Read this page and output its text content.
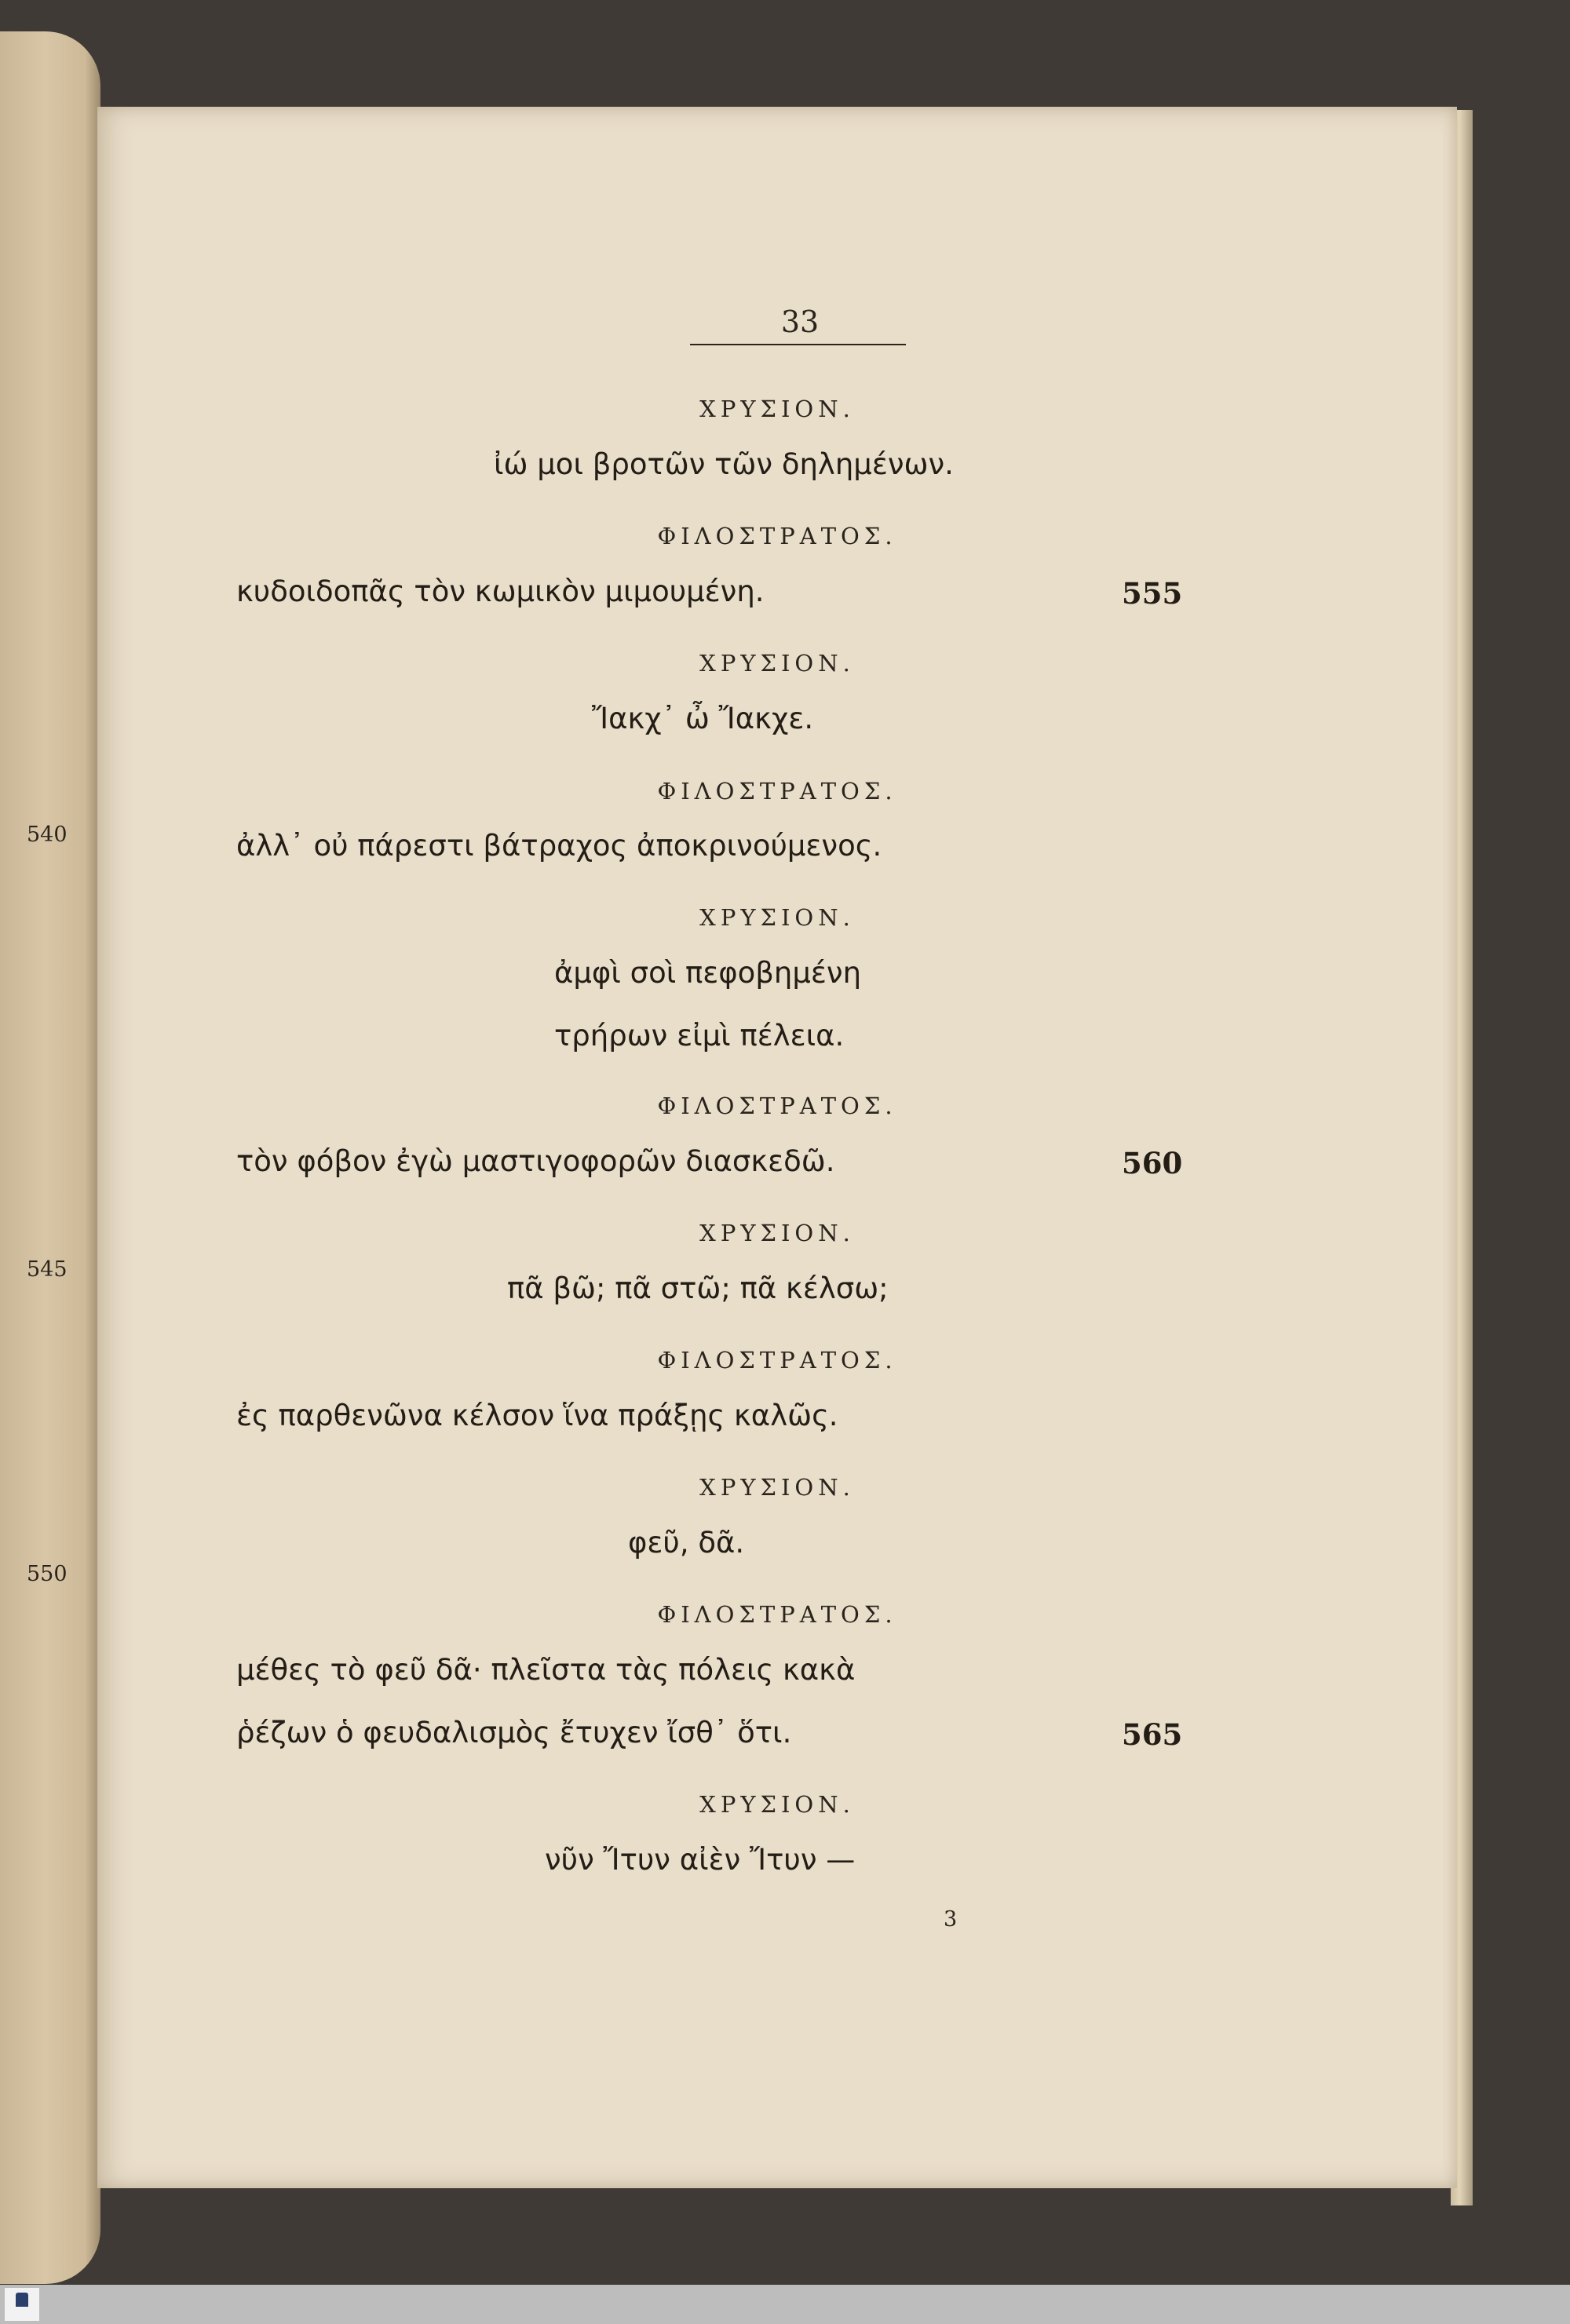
540
545
550
33
ΧΡΥΣΙΟΝ.
ἰώ μοι βροτῶν τῶν δηλημένων.
ΦΙΛΟΣΤΡΑΤΟΣ.
κυδοιδοπᾶς τὸν κωμικὸν μιμουμένη.	555
ΧΡΥΣΙΟΝ.
Ἴακχ᾽ ὦ Ἴακχε.
ΦΙΛΟΣΤΡΑΤΟΣ.
ἀλλ᾽ οὐ πάρεστι βάτραχος ἀποκρινούμενος.
ΧΡΥΣΙΟΝ.
ἀμφὶ σοὶ πεφοβημένη
τρήρων εἰμὶ πέλεια.
ΦΙΛΟΣΤΡΑΤΟΣ.
τὸν φόβον ἐγὼ μαστιγοφορῶν διασκεδῶ.	560
ΧΡΥΣΙΟΝ.
πᾶ βῶ; πᾶ στῶ; πᾶ κέλσω;
ΦΙΛΟΣΤΡΑΤΟΣ.
ἐς παρθενῶνα κέλσον ἵνα πράξῃς καλῶς.
ΧΡΥΣΙΟΝ.
φεῦ, δᾶ.
ΦΙΛΟΣΤΡΑΤΟΣ.
μέθες τὸ φεῦ δᾶ· πλεῖστα τὰς πόλεις κακὰ
ῥέζων ὁ φευδαλισμὸς ἔτυχεν ἴσθ᾽ ὅτι.	565
ΧΡΥΣΙΟΝ.
νῦν Ἴτυν αἰὲν Ἴτυν —
3
